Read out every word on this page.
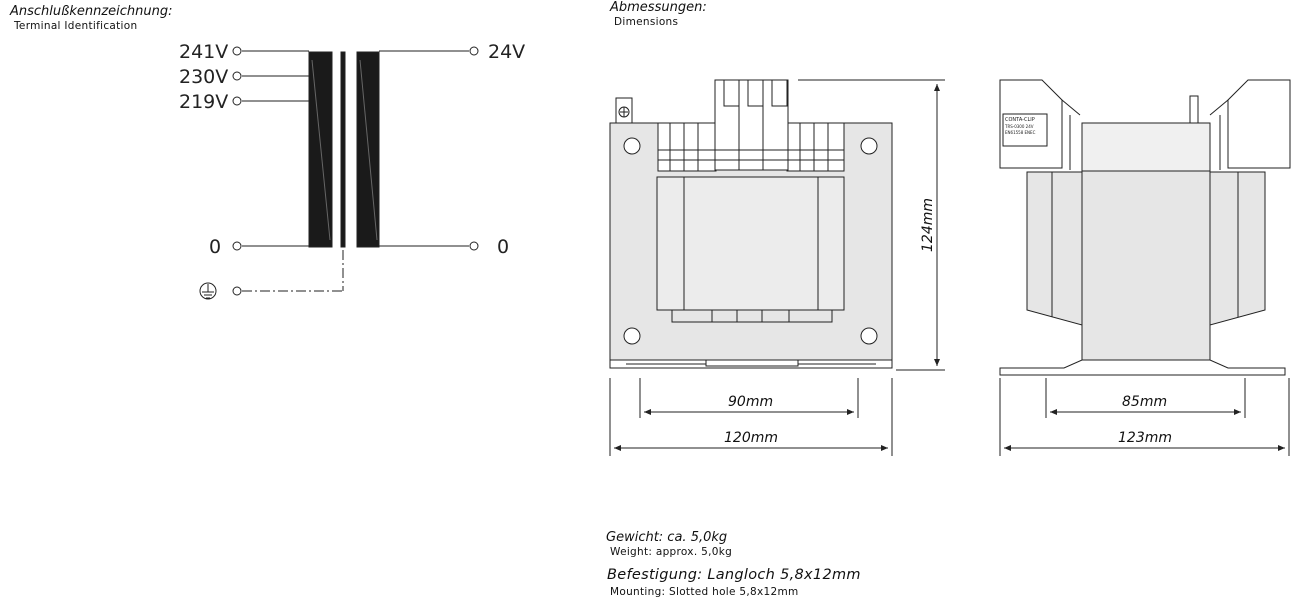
Anschlußkennzeichnung:
Terminal Identification
Abmessungen:
Dimensions
Gewicht: ca. 5,0kg
Weight: approx. 5,0kg
Befestigung: Langloch 5,8x12mm
Mounting: Slotted hole 5,8x12mm
241V
230V
219V
0
24V
0
90mm
120mm
124mm
CONTA-CLIP
TRS-0300 24V
EN61558 ENEC
85mm
123mm
